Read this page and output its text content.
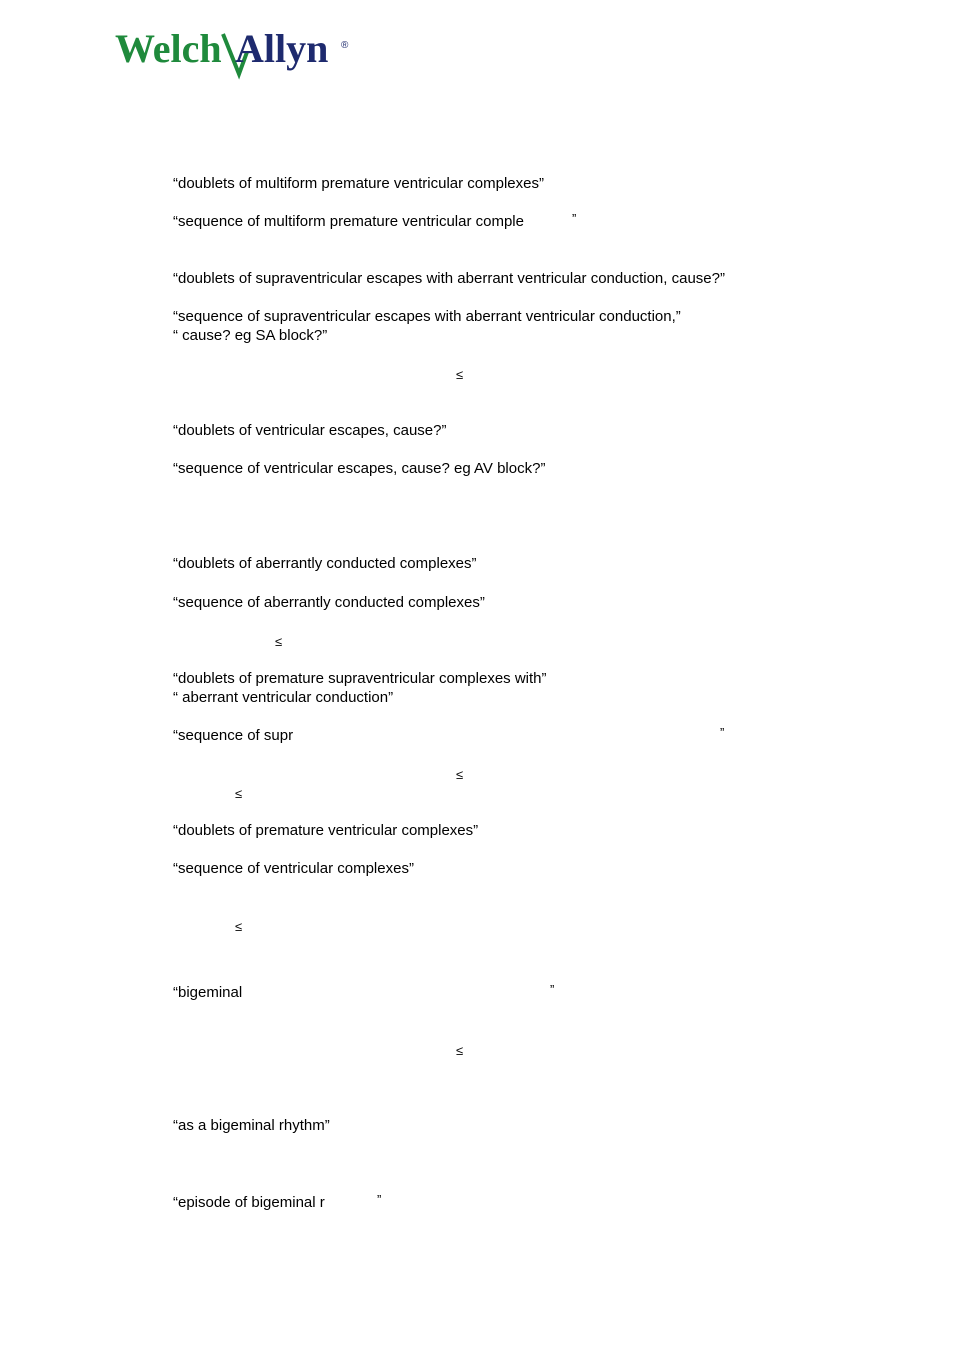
Welch Allyn ®
“doublets of multiform premature ventricular complexes”
“sequence of multiform premature ventricular comple	”
“doublets of supraventricular escapes with aberrant ventricular conduction, cause?”
“sequence of supraventricular escapes with aberrant ventricular conduction,”
“ cause? eg SA block?”
≤
“doublets of ventricular escapes, cause?”
“sequence of ventricular escapes, cause? eg AV block?”
“doublets of aberrantly conducted complexes”
“sequence of aberrantly conducted complexes”
≤
“doublets of premature supraventricular complexes with”
“ aberrant ventricular conduction”
“sequence of supr	”
≤
≤
“doublets of premature ventricular complexes”
“sequence of ventricular complexes”
≤
“bigeminal	”
≤
“as a bigeminal rhythm”
“episode of bigeminal r	”
